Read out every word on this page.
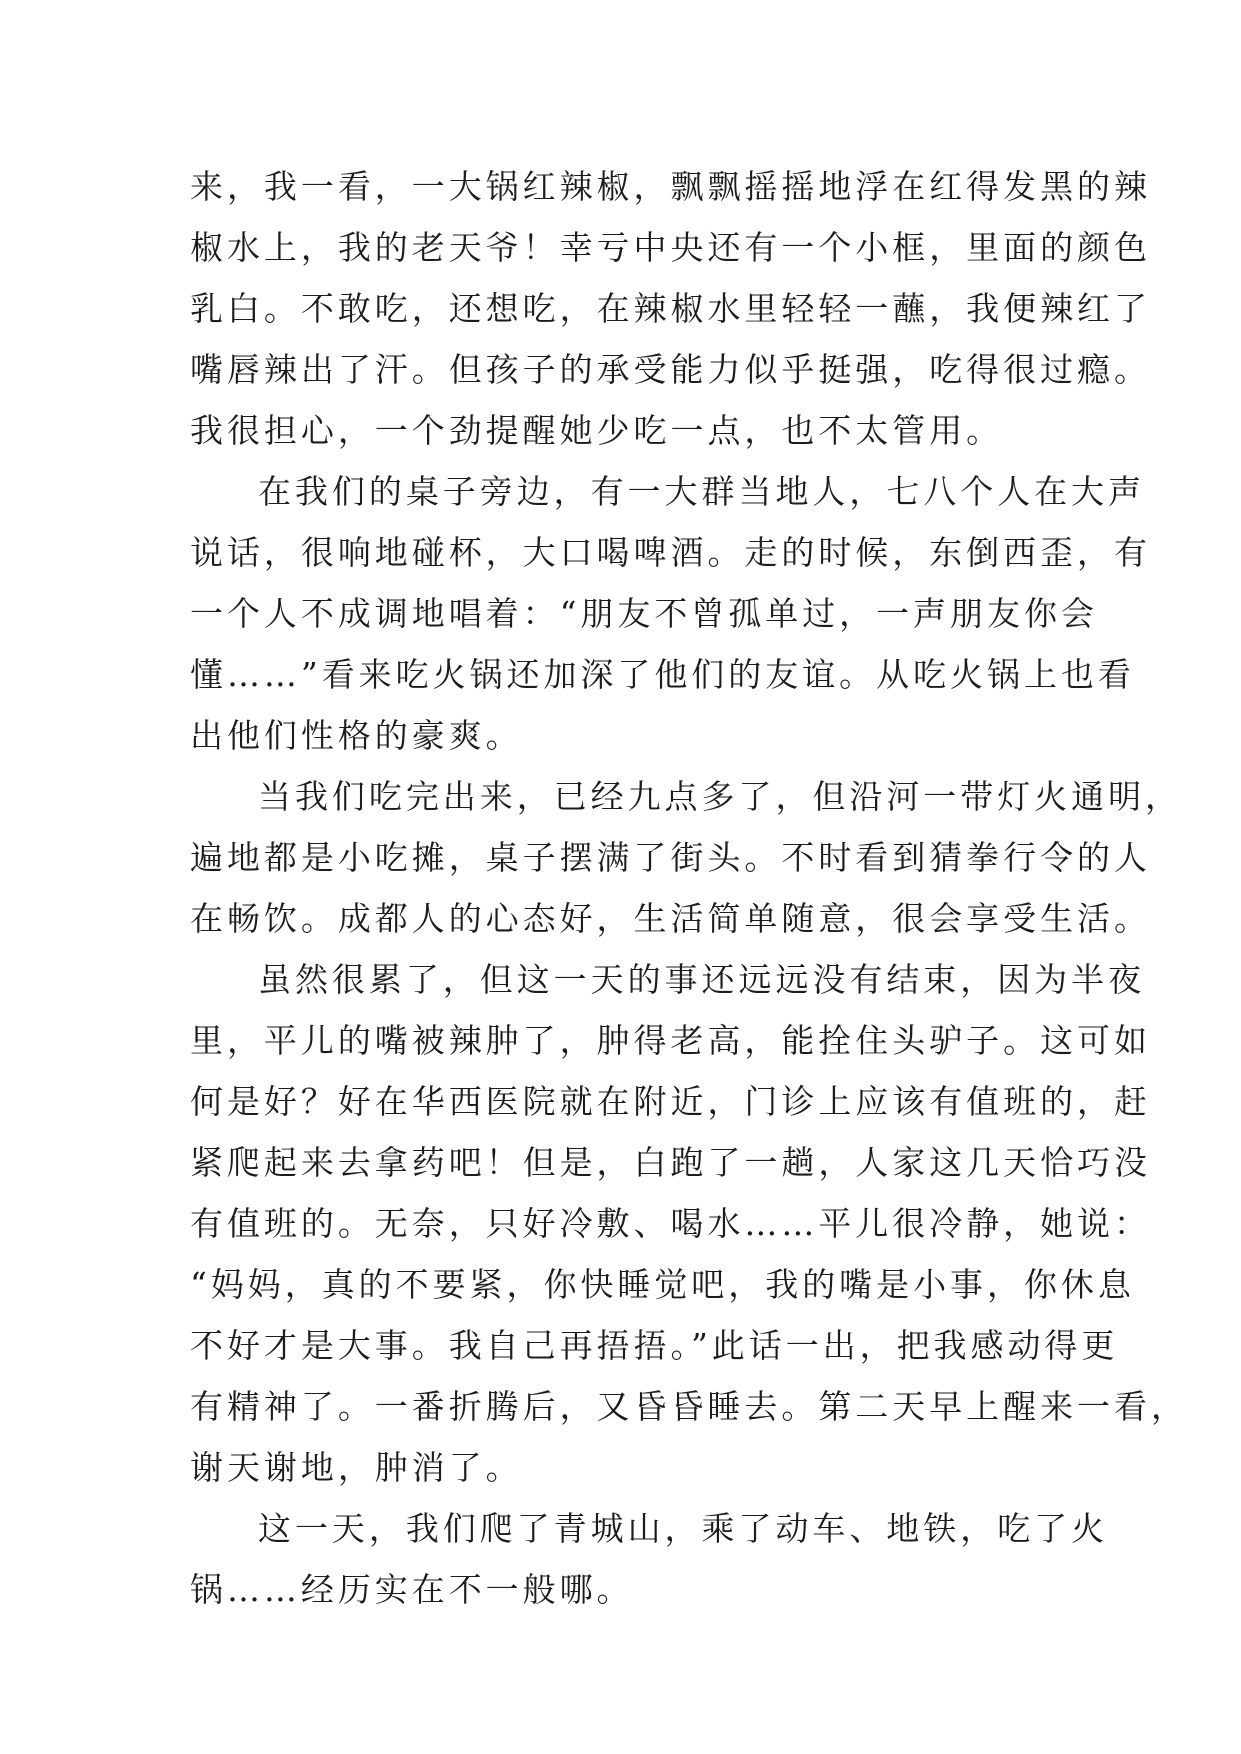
来，我一看，一大锅红辣椒，飘飘摇摇地浮在红得发黑的辣
椒水上，我的老天爷！幸亏中央还有一个小框，里面的颜色
乳白。不敢吃，还想吃，在辣椒水里轻轻一蘸，我便辣红了
嘴唇辣出了汗。但孩子的承受能力似乎挺强，吃得很过瘾。
我很担心，一个劲提醒她少吃一点，也不太管用。
在我们的桌子旁边，有一大群当地人，七八个人在大声
说话，很响地碰杯，大口喝啤酒。走的时候，东倒西歪，有
一个人不成调地唱着：“朋友不曾孤单过，一声朋友你会
懂……”看来吃火锅还加深了他们的友谊。从吃火锅上也看
出他们性格的豪爽。
当我们吃完出来，已经九点多了，但沿河一带灯火通明，
遍地都是小吃摊，桌子摆满了街头。不时看到猜拳行令的人
在畅饮。成都人的心态好，生活简单随意，很会享受生活。
虽然很累了，但这一天的事还远远没有结束，因为半夜
里，平儿的嘴被辣肿了，肿得老高，能拴住头驴子。这可如
何是好？好在华西医院就在附近，门诊上应该有值班的，赶
紧爬起来去拿药吧！但是，白跑了一趟，人家这几天恰巧没
有值班的。无奈，只好冷敷、喝水……平儿很冷静，她说：
“妈妈，真的不要紧，你快睡觉吧，我的嘴是小事，你休息
不好才是大事。我自己再捂捂。”此话一出，把我感动得更
有精神了。一番折腾后，又昏昏睡去。第二天早上醒来一看，
谢天谢地，肿消了。
这一天，我们爬了青城山，乘了动车、地铁，吃了火
锅……经历实在不一般哪。
